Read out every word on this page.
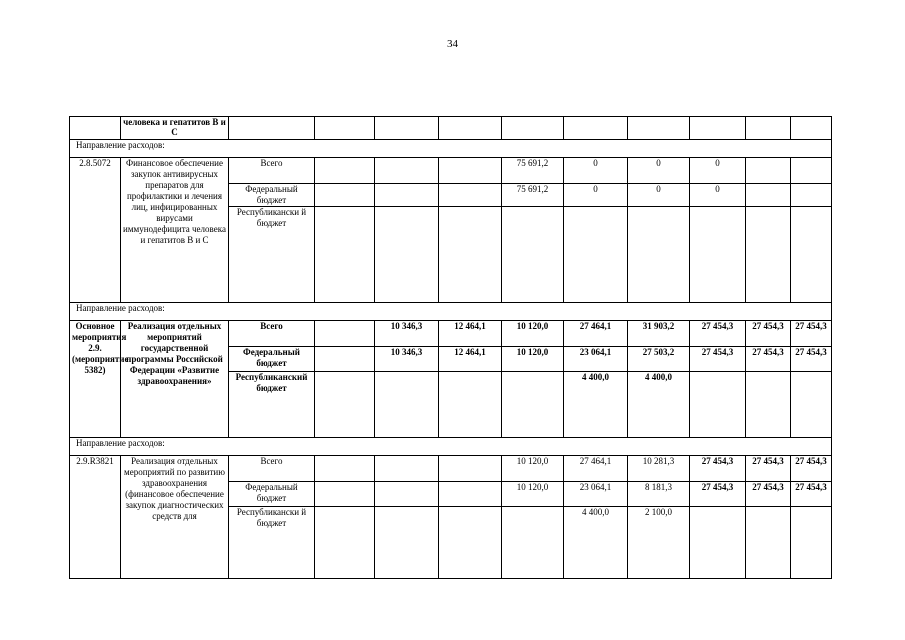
34
	человека и гепатитов В и С											
Направление расходов:												
2.8.5072	Финансовое обеспечение закупок антивирусных препаратов для профилактики и лечения лиц, инфицированных вирусами иммунодефицита человека и гепатитов В и С	Всего				75 691,2	0	0	0			
		Федеральный бюджет				75 691,2	0	0	0			
		Республикански й бюджет										
Направление расходов:												
Основное мероприятия 2.9. (мероприятие 5382)	Реализация отдельных мероприятий государственной программы Российской Федерации «Развитие здравоохранения»	Всего		10 346,3	12 464,1	10 120,0	27 464,1	31 903,2	27 454,3	27 454,3	27 454,3	
		Федеральный бюджет		10 346,3	12 464,1	10 120,0	23 064,1	27 503,2	27 454,3	27 454,3	27 454,3	
		Республиканский бюджет					4 400,0	4 400,0				
Направление расходов:												
2.9.R3821	Реализация отдельных мероприятий по развитию здравоохранения (финансовое обеспечение закупок диагностических средств для	Всего				10 120,0	27 464,1	10 281,3	27 454,3	27 454,3	27 454,3	
		Федеральный бюджет				10 120,0	23 064,1	8 181,3	27 454,3	27 454,3	27 454,3	
		Республикански й бюджет					4 400,0	2 100,0				
